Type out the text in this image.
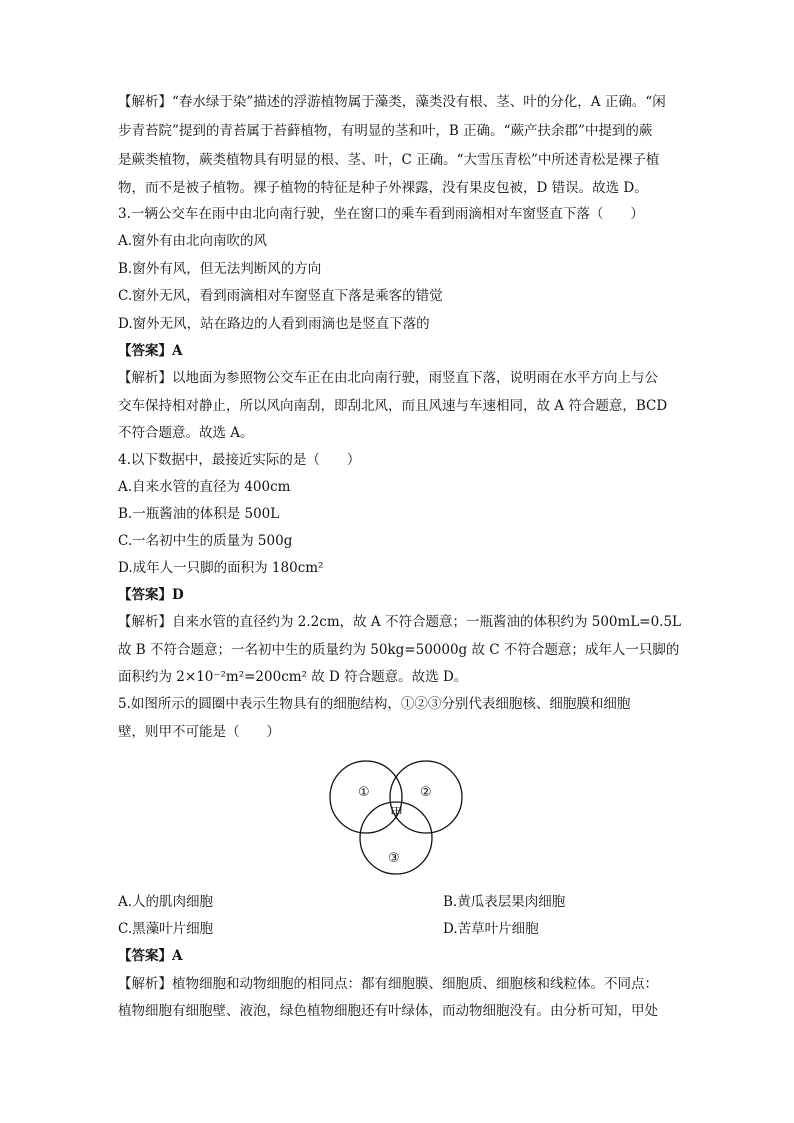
【解析】“春水绿于染”描述的浮游植物属于藻类，藻类没有根、茎、叶的分化，A 正确。“闲
步青苔院”提到的青苔属于苔藓植物，有明显的茎和叶，B 正确。“蕨产扶余郡”中提到的蕨
是蕨类植物，蕨类植物具有明显的根、茎、叶，C 正确。“大雪压青松”中所述青松是裸子植
物，而不是被子植物。裸子植物的特征是种子外裸露，没有果皮包被，D 错误。故选 D。
3.一辆公交车在雨中由北向南行驶，坐在窗口的乘车看到雨滴相对车窗竖直下落（　　）
A.窗外有由北向南吹的风
B.窗外有风，但无法判断风的方向
C.窗外无风，看到雨滴相对车窗竖直下落是乘客的错觉
D.窗外无风，站在路边的人看到雨滴也是竖直下落的
【答案】A
【解析】以地面为参照物公交车正在由北向南行驶，雨竖直下落，说明雨在水平方向上与公
交车保持相对静止，所以风向南刮，即刮北风，而且风速与车速相同，故 A 符合题意，BCD
不符合题意。故选 A。
4.以下数据中，最接近实际的是（　　）
A.自来水管的直径为 400cm
B.一瓶酱油的体积是 500L
C.一名初中生的质量为 500g
D.成年人一只脚的面积为 180cm²
【答案】D
【解析】自来水管的直径约为 2.2cm，故 A 不符合题意；一瓶酱油的体积约为 500mL=0.5L
故 B 不符合题意；一名初中生的质量约为 50kg=50000g 故 C 不符合题意；成年人一只脚的
面积约为 2×10⁻²m²=200cm² 故 D 符合题意。故选 D。
5.如图所示的圆圈中表示生物具有的细胞结构，①②③分别代表细胞核、细胞膜和细胞
壁，则甲不可能是（　　）
①	②
③
甲
A.人的肌肉细胞	B.黄瓜表层果肉细胞
C.黑藻叶片细胞	D.苦草叶片细胞
【答案】A
【解析】植物细胞和动物细胞的相同点：都有细胞膜、细胞质、细胞核和线粒体。不同点：
植物细胞有细胞壁、液泡，绿色植物细胞还有叶绿体，而动物细胞没有。由分析可知，甲处
